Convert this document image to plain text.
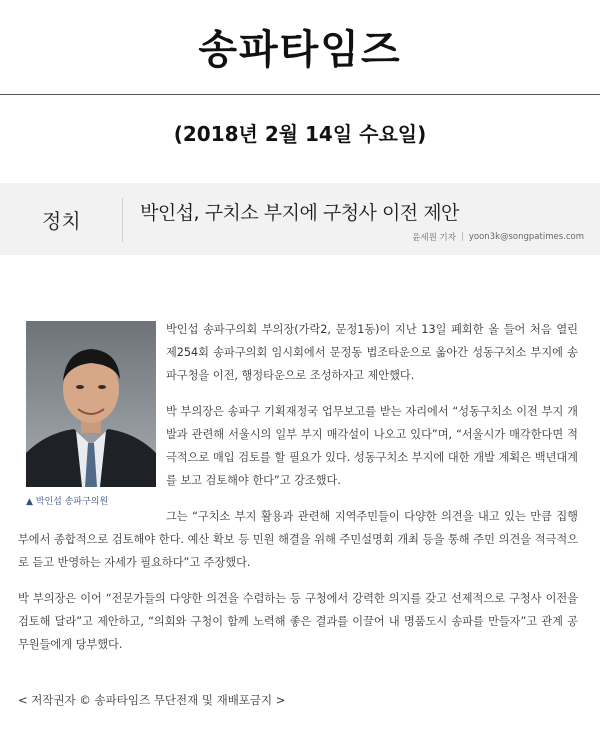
송파타임즈
(2018년 2월 14일 수요일)
정치	박인섭, 구치소 부지에 구청사 이전 제안
윤세원 기자 | yoon3k@songpatimes.com
▲ 박인섭 송파구의원

박인섭 송파구의회 부의장(가락2, 문정1동)이 지난 13일 폐회한 올 들어 처음 열린 제254회 송파구의회 임시회에서 문정동 법조타운으로 옮아간 성동구치소 부지에 송파구청을 이전, 행정타운으로 조성하자고 제안했다.

박 부의장은 송파구 기획재정국 업무보고를 받는 자리에서 “성동구치소 이전 부지 개발과 관련해 서울시의 일부 부지 매각설이 나오고 있다”며, “서울시가 매각한다면 적극적으로 매입 검토를 할 필요가 있다. 성동구치소 부지에 대한 개발 계획은 백년대계를 보고 검토해야 한다”고 강조했다.

그는 “구치소 부지 활용과 관련해 지역주민들이 다양한 의견을 내고 있는 만큼 집행부에서 종합적으로 검토해야 한다. 예산 확보 등 민원 해결을 위해 주민설명회 개최 등을 통해 주민 의견을 적극적으로 듣고 반영하는 자세가 필요하다”고 주장했다.

박 부의장은 이어 “전문가들의 다양한 의견을 수렴하는 등 구청에서 강력한 의지를 갖고 선제적으로 구청사 이전을 검토해 달라”고 제안하고, “의회와 구청이 함께 노력해 좋은 결과를 이끌어 내 명품도시 송파를 만들자”고 관계 공무원들에게 당부했다.

< 저작권자 © 송파타임즈 무단전재 및 재배포금지 >
